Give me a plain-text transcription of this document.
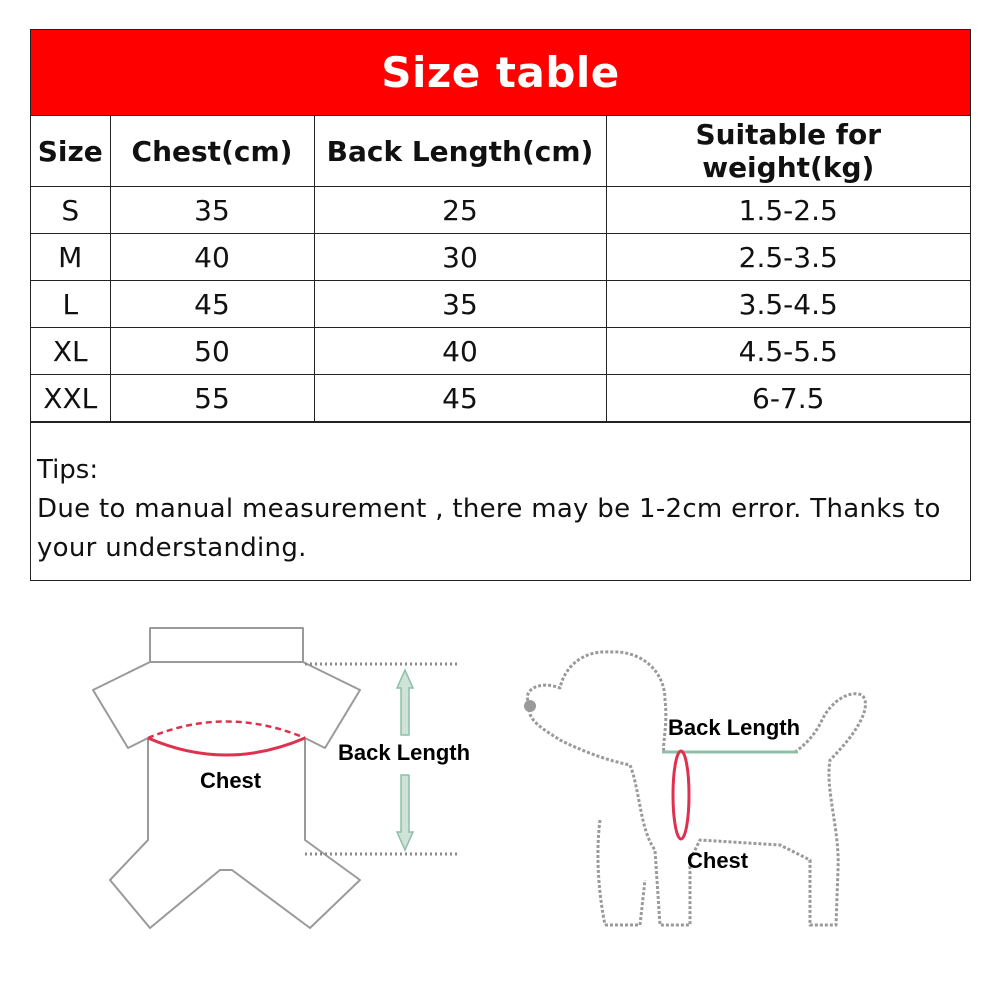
Size table
Size	Chest(cm)	Back Length(cm)	Suitable for weight(kg)
S	35	25	1.5-2.5
M	40	30	2.5-3.5
L	45	35	3.5-4.5
XL	50	40	4.5-5.5
XXL	55	45	6-7.5
Tips:
Due to manual measurement , there may be 1-2cm error. Thanks to your understanding.
Chest
Back Length
Back Length
Chest
